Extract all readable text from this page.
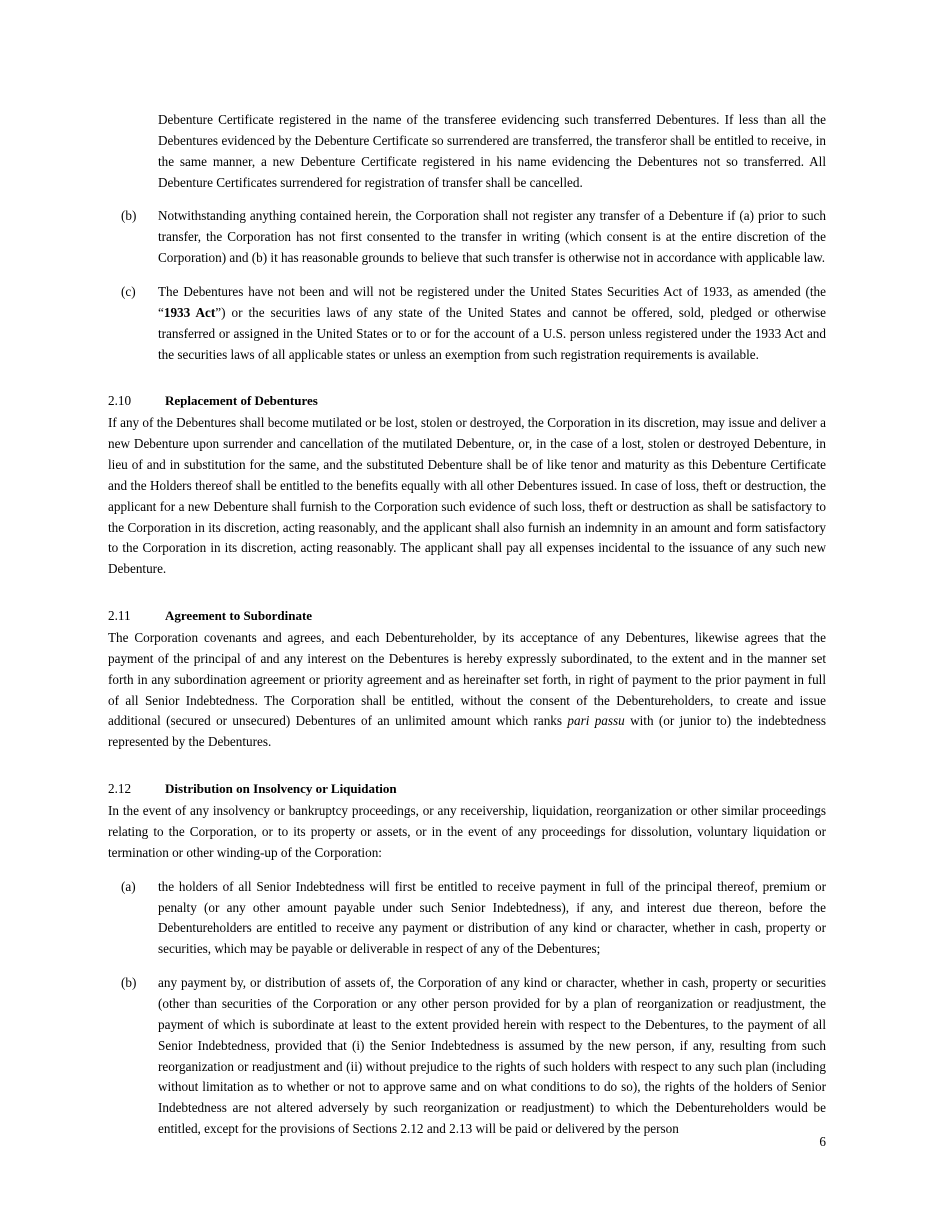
Debenture Certificate registered in the name of the transferee evidencing such transferred Debentures. If less than all the Debentures evidenced by the Debenture Certificate so surrendered are transferred, the transferor shall be entitled to receive, in the same manner, a new Debenture Certificate registered in his name evidencing the Debentures not so transferred. All Debenture Certificates surrendered for registration of transfer shall be cancelled.

(b)	Notwithstanding anything contained herein, the Corporation shall not register any transfer of a Debenture if (a) prior to such transfer, the Corporation has not first consented to the transfer in writing (which consent is at the entire discretion of the Corporation) and (b) it has reasonable grounds to believe that such transfer is otherwise not in accordance with applicable law.

(c)	The Debentures have not been and will not be registered under the United States Securities Act of 1933, as amended (the “1933 Act”) or the securities laws of any state of the United States and cannot be offered, sold, pledged or otherwise transferred or assigned in the United States or to or for the account of a U.S. person unless registered under the 1933 Act and the securities laws of all applicable states or unless an exemption from such registration requirements is available.

2.10	Replacement of Debentures

If any of the Debentures shall become mutilated or be lost, stolen or destroyed, the Corporation in its discretion, may issue and deliver a new Debenture upon surrender and cancellation of the mutilated Debenture, or, in the case of a lost, stolen or destroyed Debenture, in lieu of and in substitution for the same, and the substituted Debenture shall be of like tenor and maturity as this Debenture Certificate and the Holders thereof shall be entitled to the benefits equally with all other Debentures issued. In case of loss, theft or destruction, the applicant for a new Debenture shall furnish to the Corporation such evidence of such loss, theft or destruction as shall be satisfactory to the Corporation in its discretion, acting reasonably, and the applicant shall also furnish an indemnity in an amount and form satisfactory to the Corporation in its discretion, acting reasonably. The applicant shall pay all expenses incidental to the issuance of any such new Debenture.

2.11	Agreement to Subordinate

The Corporation covenants and agrees, and each Debentureholder, by its acceptance of any Debentures, likewise agrees that the payment of the principal of and any interest on the Debentures is hereby expressly subordinated, to the extent and in the manner set forth in any subordination agreement or priority agreement and as hereinafter set forth, in right of payment to the prior payment in full of all Senior Indebtedness. The Corporation shall be entitled, without the consent of the Debentureholders, to create and issue additional (secured or unsecured) Debentures of an unlimited amount which ranks pari passu with (or junior to) the indebtedness represented by the Debentures.

2.12	Distribution on Insolvency or Liquidation

In the event of any insolvency or bankruptcy proceedings, or any receivership, liquidation, reorganization or other similar proceedings relating to the Corporation, or to its property or assets, or in the event of any proceedings for dissolution, voluntary liquidation or termination or other winding-up of the Corporation:

(a)	the holders of all Senior Indebtedness will first be entitled to receive payment in full of the principal thereof, premium or penalty (or any other amount payable under such Senior Indebtedness), if any, and interest due thereon, before the Debentureholders are entitled to receive any payment or distribution of any kind or character, whether in cash, property or securities, which may be payable or deliverable in respect of any of the Debentures;

(b)	any payment by, or distribution of assets of, the Corporation of any kind or character, whether in cash, property or securities (other than securities of the Corporation or any other person provided for by a plan of reorganization or readjustment, the payment of which is subordinate at least to the extent provided herein with respect to the Debentures, to the payment of all Senior Indebtedness, provided that (i) the Senior Indebtedness is assumed by the new person, if any, resulting from such reorganization or readjustment and (ii) without prejudice to the rights of such holders with respect to any such plan (including without limitation as to whether or not to approve same and on what conditions to do so), the rights of the holders of Senior Indebtedness are not altered adversely by such reorganization or readjustment) to which the Debentureholders would be entitled, except for the provisions of Sections 2.12 and 2.13 will be paid or delivered by the person

6
